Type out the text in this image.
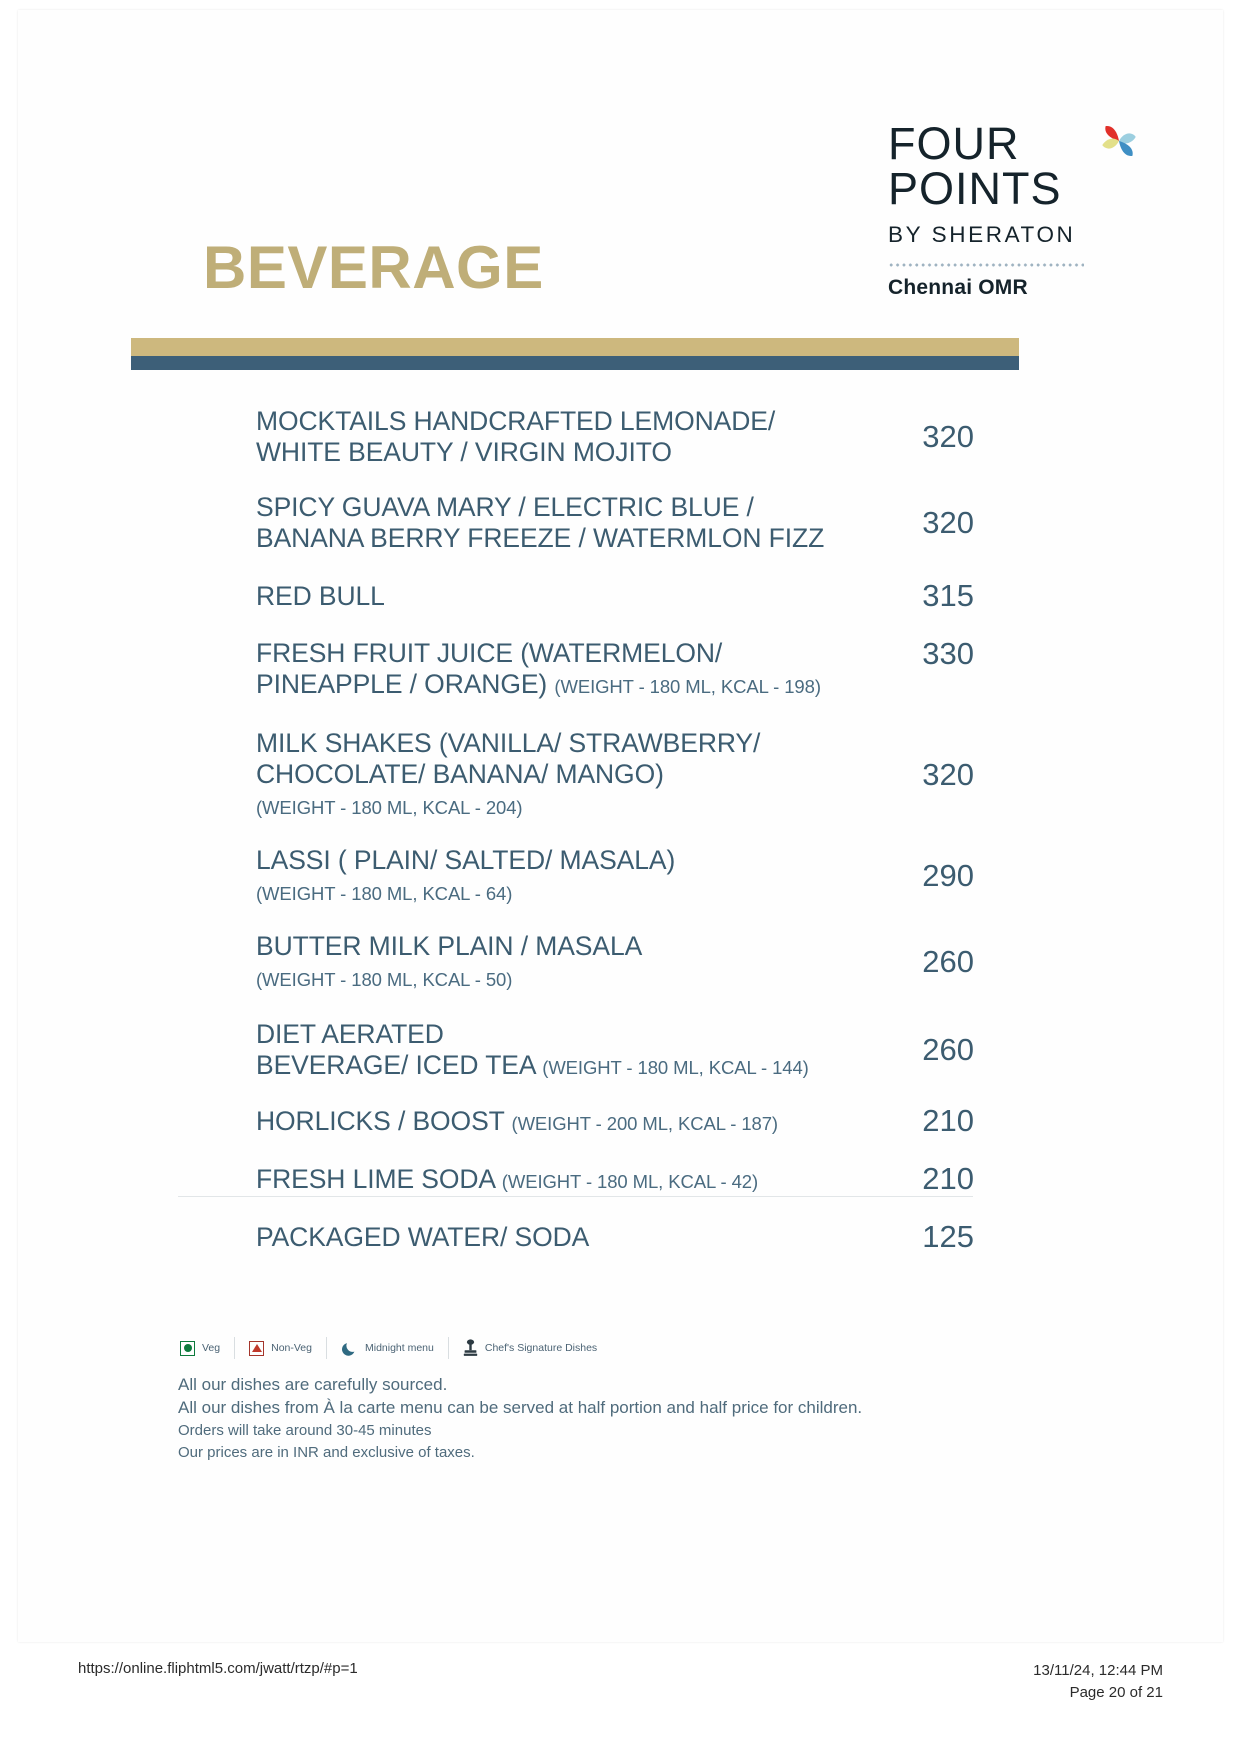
FOUR
POINTS
BY SHERATON
Chennai OMR
BEVERAGE
MOCKTAILS HANDCRAFTED LEMONADE/
WHITE BEAUTY / VIRGIN MOJITO	320
SPICY GUAVA MARY / ELECTRIC BLUE /
BANANA BERRY FREEZE / WATERMLON FIZZ	320
RED BULL	315
FRESH FRUIT JUICE (WATERMELON/
PINEAPPLE / ORANGE) (WEIGHT - 180 ML, KCAL - 198)
330
MILK SHAKES (VANILLA/ STRAWBERRY/
CHOCOLATE/ BANANA/ MANGO) (WEIGHT - 180 ML, KCAL - 204)
320
LASSI ( PLAIN/ SALTED/ MASALA) (WEIGHT - 180 ML, KCAL - 64)
290
BUTTER MILK PLAIN / MASALA (WEIGHT - 180 ML, KCAL - 50)
260
DIET AERATED
BEVERAGE/ ICED TEA (WEIGHT - 180 ML, KCAL - 144)
260
HORLICKS / BOOST (WEIGHT - 200 ML, KCAL - 187)	210
FRESH LIME SODA (WEIGHT - 180 ML, KCAL - 42)	210
PACKAGED WATER/ SODA	125
Veg	Non-Veg	Midnight menu	Chef's Signature Dishes
All our dishes are carefully sourced.
All our dishes from À la carte menu can be served at half portion and half price for children.
Orders will take around 30-45 minutes
Our prices are in INR and exclusive of taxes.
https://online.fliphtml5.com/jwatt/rtzp/#p=1	13/11/24, 12:44 PM
Page 20 of 21
